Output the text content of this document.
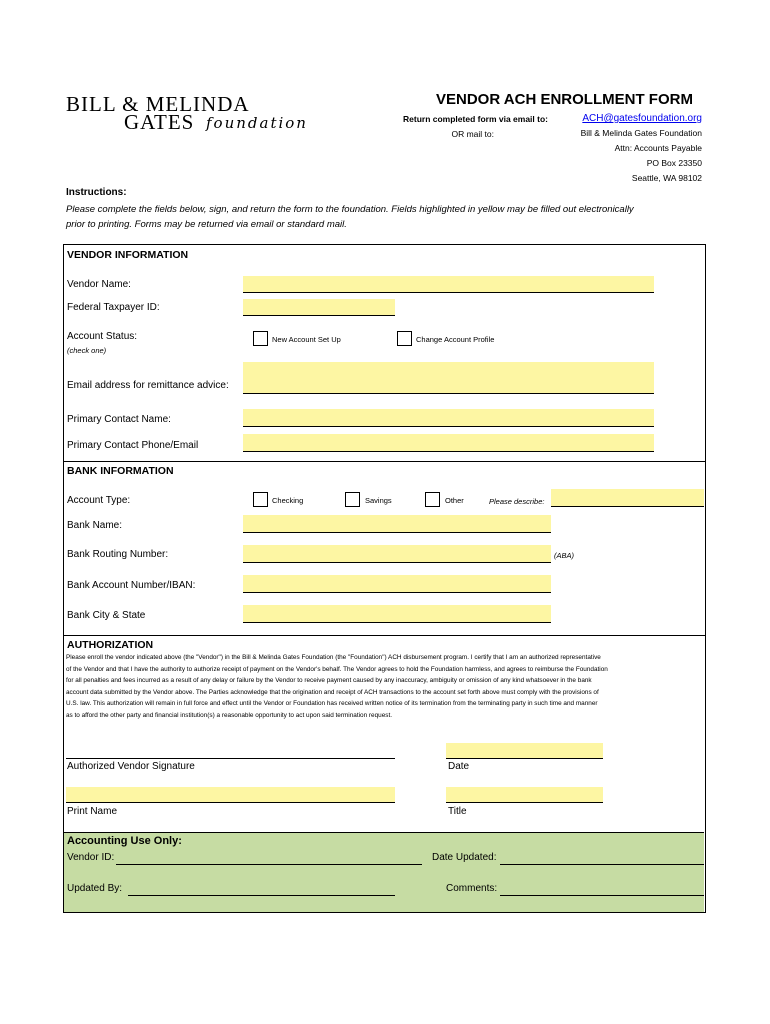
BILL & MELINDA
GATES foundation
VENDOR ACH ENROLLMENT FORM
Return completed form via email to:	ACH@gatesfoundation.org
OR mail to:	Bill & Melinda Gates Foundation
Attn: Accounts Payable
PO Box 23350
Seattle, WA 98102
Instructions:
Please complete the fields below, sign, and return the form to the foundation. Fields highlighted in yellow may be filled out electronically
prior to printing. Forms may be returned via email or standard mail.
VENDOR INFORMATION
Vendor Name:
Federal Taxpayer ID:
Account Status:
(check one)
New Account Set Up	Change Account Profile
Email address for remittance advice:
Primary Contact Name:
Primary Contact Phone/Email
BANK INFORMATION
Account Type:	Checking	Savings	Other	Please describe:
Bank Name:
Bank Routing Number:	(ABA)
Bank Account Number/IBAN:
Bank City & State
AUTHORIZATION
Please enroll the vendor indicated above (the "Vendor") in the Bill & Melinda Gates Foundation (the "Foundation") ACH disbursement program. I certify that I am an authorized representative
of the Vendor and that I have the authority to authorize receipt of payment on the Vendor's behalf. The Vendor agrees to hold the Foundation harmless, and agrees to reimburse the Foundation
for all penalties and fees incurred as a result of any delay or failure by the Vendor to receive payment caused by any inaccuracy, ambiguity or omission of any kind whatsoever in the bank
account data submitted by the Vendor above. The Parties acknowledge that the origination and receipt of ACH transactions to the account set forth above must comply with the provisions of
U.S. law. This authorization will remain in full force and effect until the Vendor or Foundation has received written notice of its termination from the terminating party in such time and manner
as to afford the other party and financial institution(s) a reasonable opportunity to act upon said termination request.
Authorized Vendor Signature	Date
Print Name	Title
Accounting Use Only:
Vendor ID:	Date Updated:
Updated By:	Comments:
